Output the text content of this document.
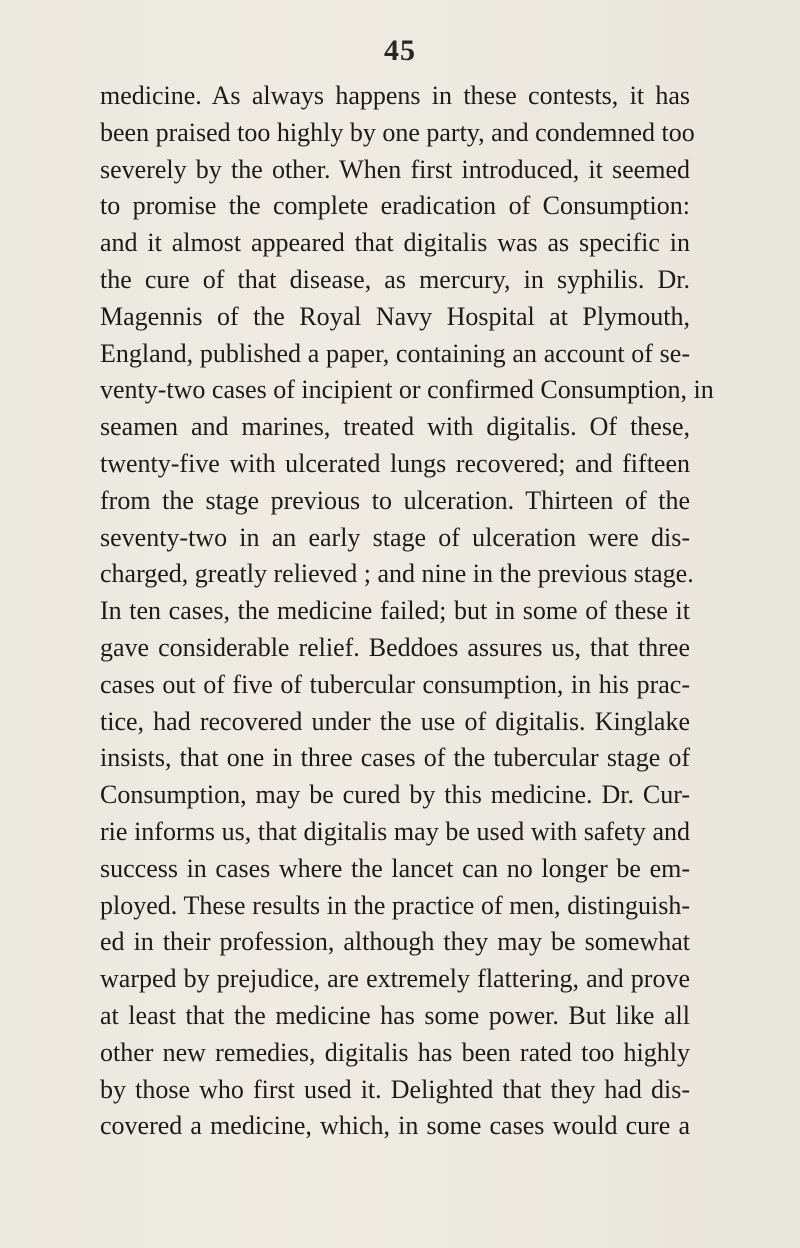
45
medicine. As always happens in these contests, it has
been praised too highly by one party, and condemned too
severely by the other. When first introduced, it seemed
to promise the complete eradication of Consumption:
and it almost appeared that digitalis was as specific in
the cure of that disease, as mercury, in syphilis. Dr.
Magennis of the Royal Navy Hospital at Plymouth,
England, published a paper, containing an account of se-
venty-two cases of incipient or confirmed Consumption, in
seamen and marines, treated with digitalis. Of these,
twenty-five with ulcerated lungs recovered; and fifteen
from the stage previous to ulceration. Thirteen of the
seventy-two in an early stage of ulceration were dis-
charged, greatly relieved ; and nine in the previous stage.
In ten cases, the medicine failed; but in some of these it
gave considerable relief. Beddoes assures us, that three
cases out of five of tubercular consumption, in his prac-
tice, had recovered under the use of digitalis. Kinglake
insists, that one in three cases of the tubercular stage of
Consumption, may be cured by this medicine. Dr. Cur-
rie informs us, that digitalis may be used with safety and
success in cases where the lancet can no longer be em-
ployed. These results in the practice of men, distinguish-
ed in their profession, although they may be somewhat
warped by prejudice, are extremely flattering, and prove
at least that the medicine has some power. But like all
other new remedies, digitalis has been rated too highly
by those who first used it. Delighted that they had dis-
covered a medicine, which, in some cases would cure a
